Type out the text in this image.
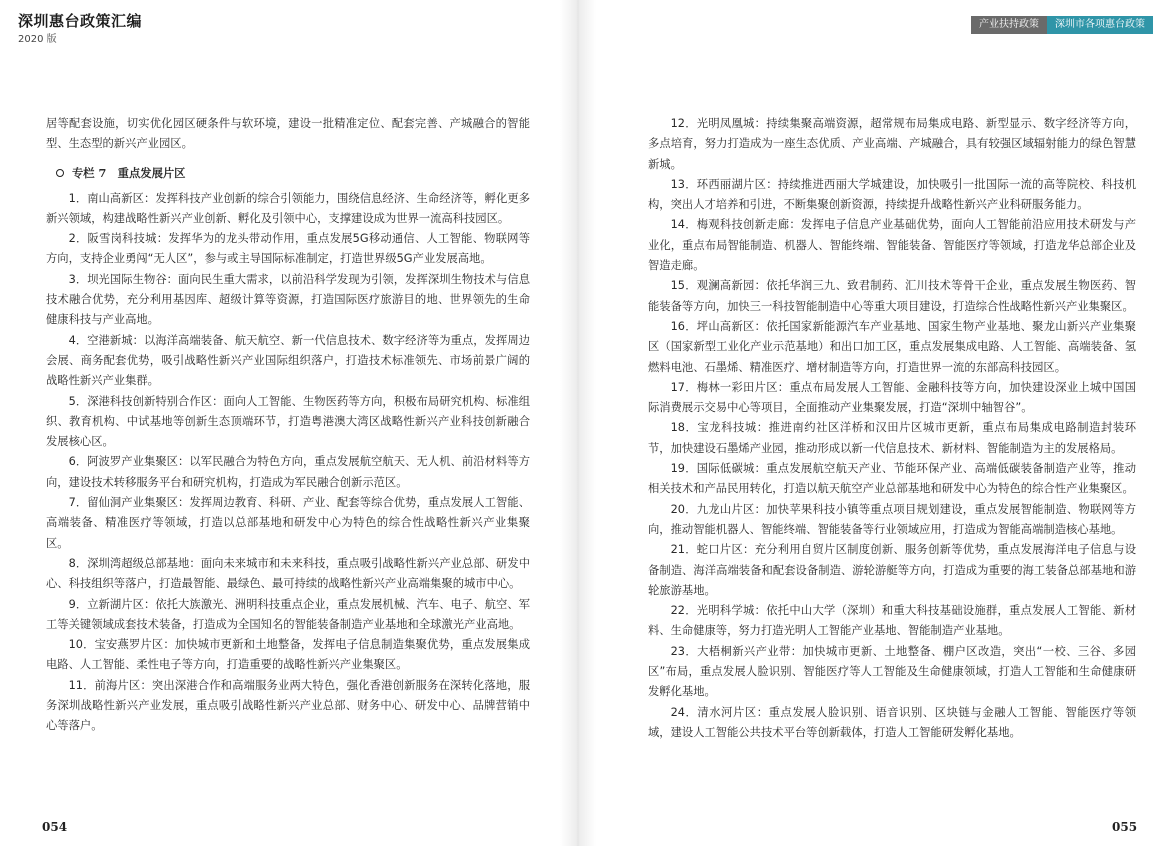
深圳惠台政策汇编
2020 版
产业扶持政策	深圳市各项惠台政策

居等配套设施，切实优化园区硬条件与软环境，建设一批精准定位、配套完善、产城融合的智能型、生态型的新兴产业园区。

专栏 7　重点发展片区

1．南山高新区：发挥科技产业创新的综合引领能力，围绕信息经济、生命经济等，孵化更多新兴领域，构建战略性新兴产业创新、孵化及引领中心，支撑建设成为世界一流高科技园区。

2．阪雪岗科技城：发挥华为的龙头带动作用，重点发展5G移动通信、人工智能、物联网等方向，支持企业勇闯“无人区”，参与或主导国际标准制定，打造世界级5G产业发展高地。

3．坝光国际生物谷：面向民生重大需求，以前沿科学发现为引领，发挥深圳生物技术与信息技术融合优势，充分利用基因库、超级计算等资源，打造国际医疗旅游目的地、世界领先的生命健康科技与产业高地。

4．空港新城：以海洋高端装备、航天航空、新一代信息技术、数字经济等为重点，发挥周边会展、商务配套优势，吸引战略性新兴产业国际组织落户，打造技术标准领先、市场前景广阔的战略性新兴产业集群。

5．深港科技创新特别合作区：面向人工智能、生物医药等方向，积极布局研究机构、标准组织、教育机构、中试基地等创新生态顶端环节，打造粤港澳大湾区战略性新兴产业科技创新融合发展核心区。

6．阿波罗产业集聚区：以军民融合为特色方向，重点发展航空航天、无人机、前沿材料等方向，建设技术转移服务平台和研究机构，打造成为军民融合创新示范区。

7．留仙洞产业集聚区：发挥周边教育、科研、产业、配套等综合优势，重点发展人工智能、高端装备、精准医疗等领域，打造以总部基地和研发中心为特色的综合性战略性新兴产业集聚区。

8．深圳湾超级总部基地：面向未来城市和未来科技，重点吸引战略性新兴产业总部、研发中心、科技组织等落户，打造最智能、最绿色、最可持续的战略性新兴产业高端集聚的城市中心。

9．立新湖片区：依托大族激光、洲明科技重点企业，重点发展机械、汽车、电子、航空、军工等关键领域成套技术装备，打造成为全国知名的智能装备制造产业基地和全球激光产业高地。

10．宝安燕罗片区：加快城市更新和土地整备，发挥电子信息制造集聚优势，重点发展集成电路、人工智能、柔性电子等方向，打造重要的战略性新兴产业集聚区。

11．前海片区：突出深港合作和高端服务业两大特色，强化香港创新服务在深转化落地，服务深圳战略性新兴产业发展，重点吸引战略性新兴产业总部、财务中心、研发中心、品牌营销中心等落户。

12．光明凤凰城：持续集聚高端资源，超常规布局集成电路、新型显示、数字经济等方向，多点培育，努力打造成为一座生态优质、产业高端、产城融合，具有较强区域辐射能力的绿色智慧新城。

13．环西丽湖片区：持续推进西丽大学城建设，加快吸引一批国际一流的高等院校、科技机构，突出人才培养和引进，不断集聚创新资源，持续提升战略性新兴产业科研服务能力。

14．梅观科技创新走廊：发挥电子信息产业基础优势，面向人工智能前沿应用技术研发与产业化，重点布局智能制造、机器人、智能终端、智能装备、智能医疗等领域，打造龙华总部企业及智造走廊。

15．观澜高新园：依托华润三九、致君制药、汇川技术等骨干企业，重点发展生物医药、智能装备等方向，加快三一科技智能制造中心等重大项目建设，打造综合性战略性新兴产业集聚区。

16．坪山高新区：依托国家新能源汽车产业基地、国家生物产业基地、聚龙山新兴产业集聚区（国家新型工业化产业示范基地）和出口加工区，重点发展集成电路、人工智能、高端装备、氢燃料电池、石墨烯、精准医疗、增材制造等方向，打造世界一流的东部高科技园区。

17．梅林一彩田片区：重点布局发展人工智能、金融科技等方向，加快建设深业上城中国国际消费展示交易中心等项目，全面推动产业集聚发展，打造“深圳中轴智谷”。

18．宝龙科技城：推进南约社区洋桥和汉田片区城市更新，重点布局集成电路制造封装环节，加快建设石墨烯产业园，推动形成以新一代信息技术、新材料、智能制造为主的发展格局。

19．国际低碳城：重点发展航空航天产业、节能环保产业、高端低碳装备制造产业等，推动相关技术和产品民用转化，打造以航天航空产业总部基地和研发中心为特色的综合性产业集聚区。

20．九龙山片区：加快苹果科技小镇等重点项目规划建设，重点发展智能制造、物联网等方向，推动智能机器人、智能终端、智能装备等行业领域应用，打造成为智能高端制造核心基地。

21．蛇口片区：充分利用自贸片区制度创新、服务创新等优势，重点发展海洋电子信息与设备制造、海洋高端装备和配套设备制造、游轮游艇等方向，打造成为重要的海工装备总部基地和游轮旅游基地。

22．光明科学城：依托中山大学（深圳）和重大科技基础设施群，重点发展人工智能、新材料、生命健康等，努力打造光明人工智能产业基地、智能制造产业基地。

23．大梧桐新兴产业带：加快城市更新、土地整备、棚户区改造，突出“一校、三谷、多园区”布局，重点发展人脸识别、智能医疗等人工智能及生命健康领域，打造人工智能和生命健康研发孵化基地。

24．清水河片区：重点发展人脸识别、语音识别、区块链与金融人工智能、智能医疗等领域，建设人工智能公共技术平台等创新载体，打造人工智能研发孵化基地。

054	055
